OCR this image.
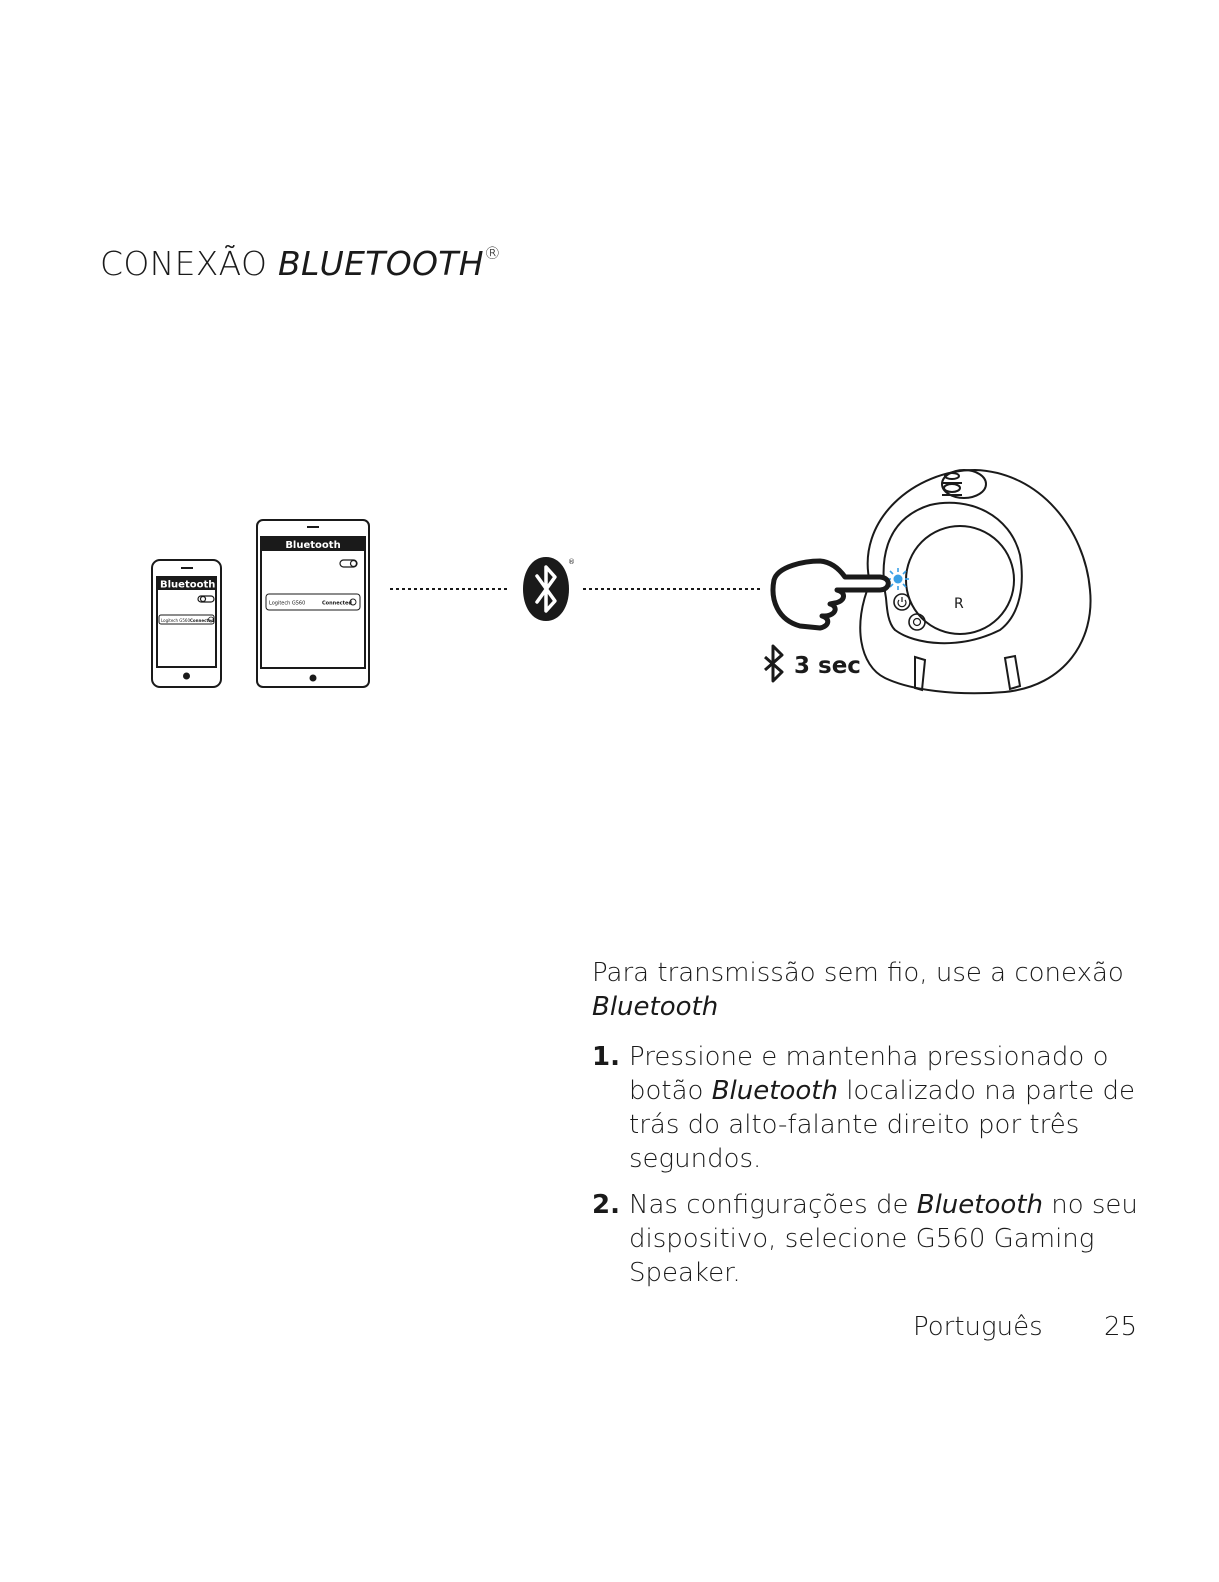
CONEXÃO BLUETOOTH®
Bluetooth
Logitech G560 Connected
Bluetooth
Logitech G560	Connected
®
R
3 sec

Para transmissão sem fio, use a conexão Bluetooth

1. Pressione e mantenha pressionado o botão Bluetooth localizado na parte de trás do alto-falante direito por três segundos.
2. Nas configurações de Bluetooth no seu dispositivo, selecione G560 Gaming Speaker.
Português 25
